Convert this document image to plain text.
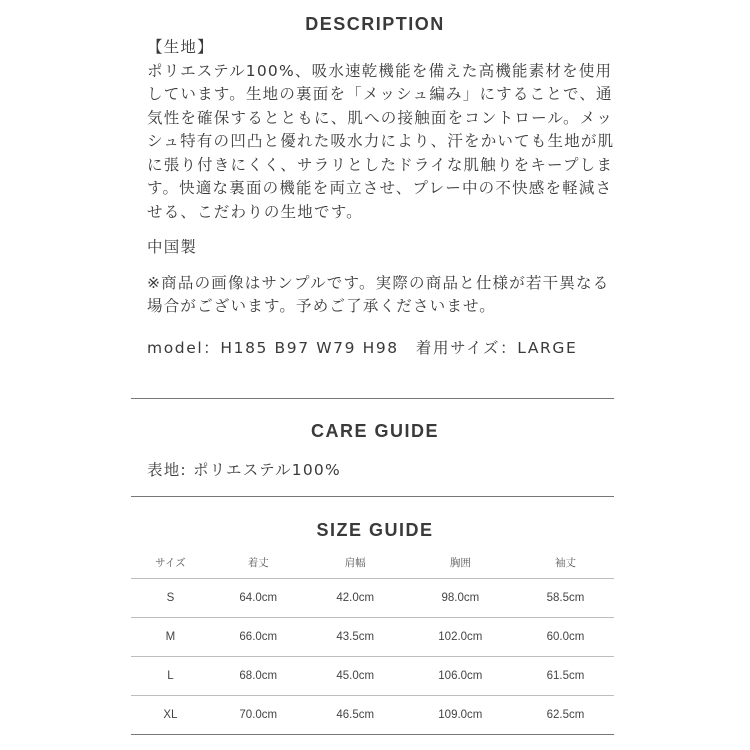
DESCRIPTION

【生地】

ポリエステル100%、吸水速乾機能を備えた高機能素材を使用しています。生地の裏面を「メッシュ編み」にすることで、通気性を確保するとともに、肌への接触面をコントロール。メッシュ特有の凹凸と優れた吸水力により、汗をかいても生地が肌に張り付きにくく、サラリとしたドライな肌触りをキープします。快適な裏面の機能を両立させ、プレー中の不快感を軽減させる、こだわりの生地です。

中国製

※商品の画像はサンプルです。実際の商品と仕様が若干異なる場合がございます。予めご了承くださいませ。

model：H185 B97 W79 H98　着用サイズ：LARGE

CARE GUIDE

表地: ポリエステル100%

SIZE GUIDE
サイズ	着丈	肩幅	胸囲	袖丈
S	64.0cm	42.0cm	98.0cm	58.5cm
M	66.0cm	43.5cm	102.0cm	60.0cm
L	68.0cm	45.0cm	106.0cm	61.5cm
XL	70.0cm	46.5cm	109.0cm	62.5cm
